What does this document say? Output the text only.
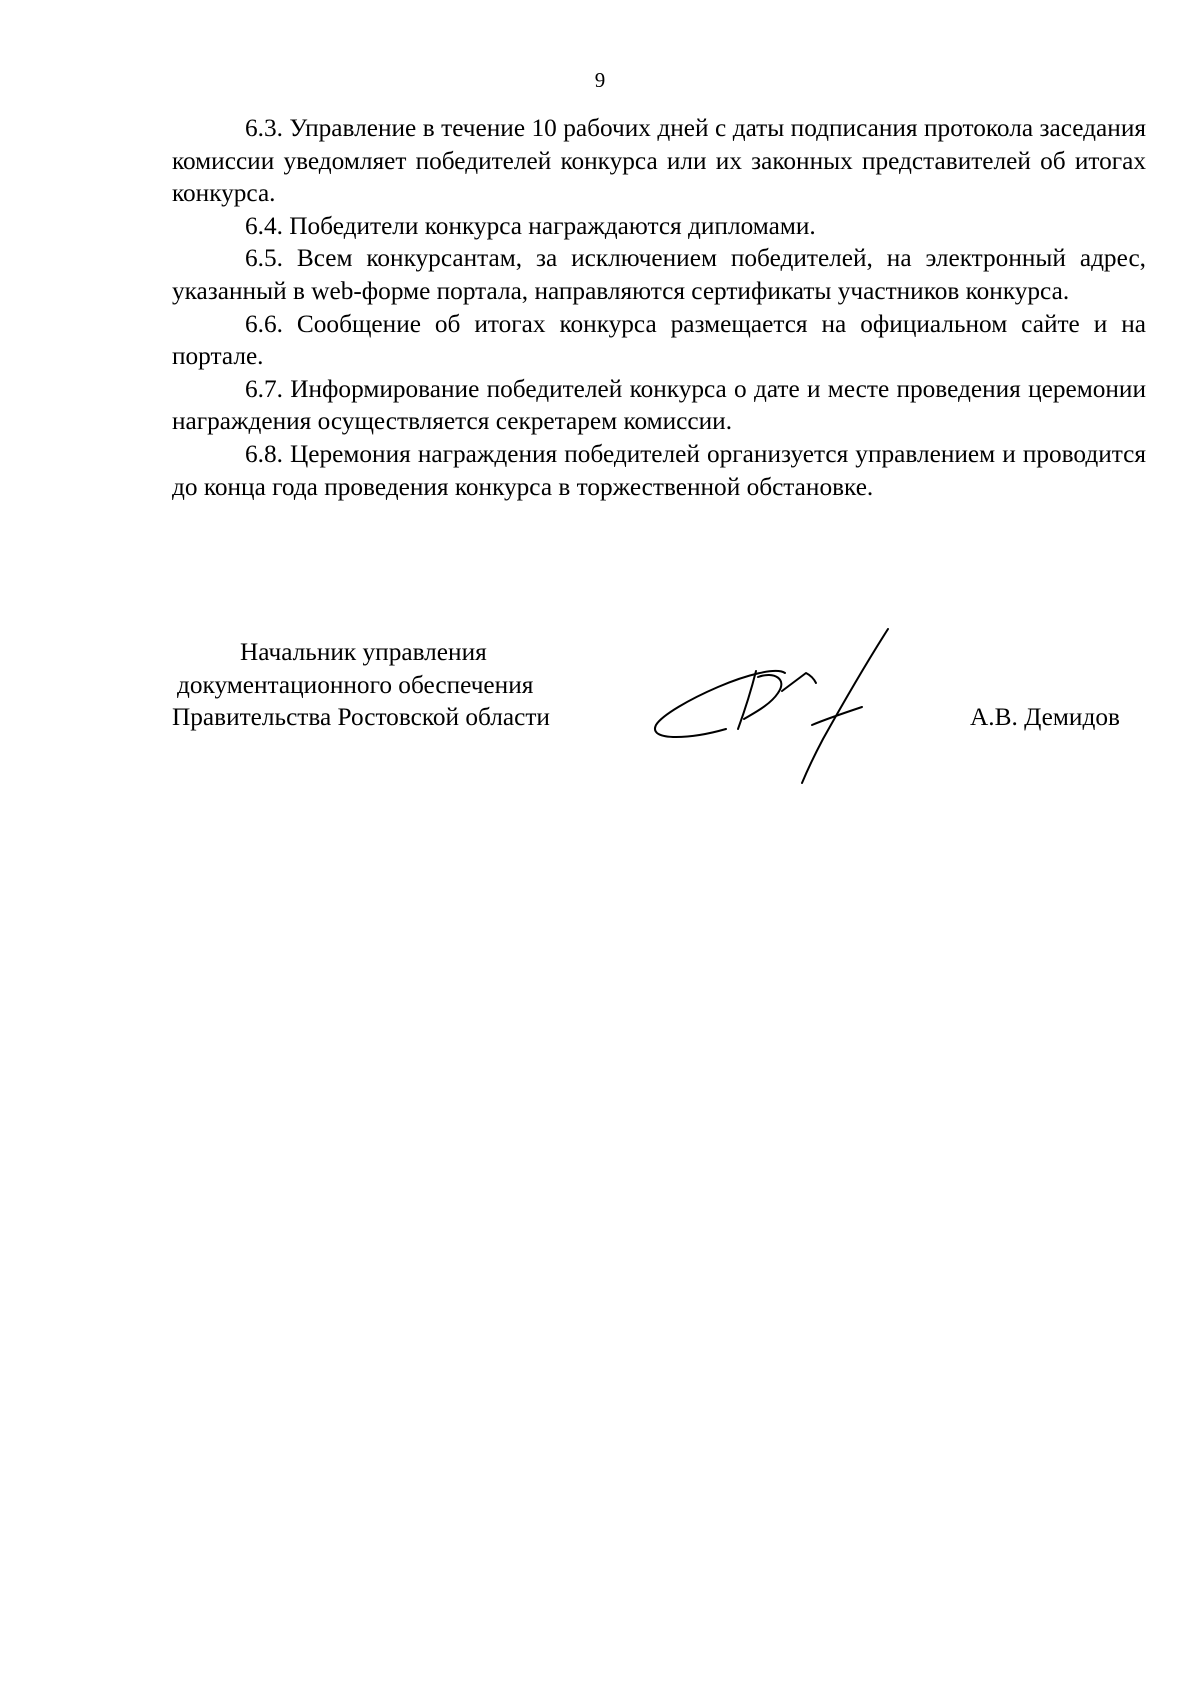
9

6.3. Управление в течение 10 рабочих дней с даты подписания протокола заседания комиссии уведомляет победителей конкурса или их законных представителей об итогах конкурса.

6.4. Победители конкурса награждаются дипломами.

6.5. Всем конкурсантам, за исключением победителей, на электронный адрес, указанный в web-форме портала, направляются сертификаты участников конкурса.

6.6. Сообщение об итогах конкурса размещается на официальном сайте и на портале.

6.7. Информирование победителей конкурса о дате и месте проведения церемонии награждения осуществляется секретарем комиссии.

6.8. Церемония награждения победителей организуется управлением и проводится до конца года проведения конкурса в торжественной обстановке.

Начальник управления
документационного обеспечения
Правительства Ростовской области	А.В. Демидов
